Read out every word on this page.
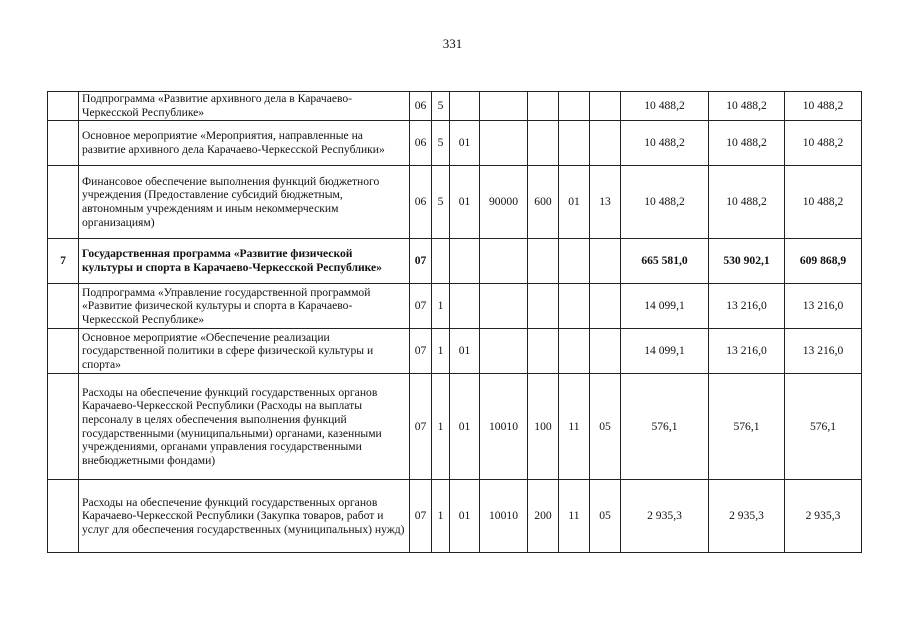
331
	Подпрограмма «Развитие архивного дела в Карачаево-Черкесской Республике»	06	5						10 488,2	10 488,2	10 488,2
	Основное мероприятие «Мероприятия, направленные на развитие архивного дела Карачаево-Черкесской Республики»	06	5	01					10 488,2	10 488,2	10 488,2
	Финансовое обеспечение выполнения функций бюджетного учреждения (Предоставление субсидий бюджетным, автономным учреждениям и иным некоммерческим организациям)	06	5	01	90000	600	01	13	10 488,2	10 488,2	10 488,2
7	Государственная программа «Развитие физической культуры и спорта в Карачаево-Черкесской Республике»	07							665 581,0	530 902,1	609 868,9
	Подпрограмма «Управление государственной программой «Развитие физической культуры и спорта в Карачаево-Черкесской Республике»	07	1						14 099,1	13 216,0	13 216,0
	Основное мероприятие «Обеспечение реализации государственной политики в сфере физической культуры и спорта»	07	1	01					14 099,1	13 216,0	13 216,0
	Расходы на обеспечение функций государственных органов Карачаево-Черкесской Республики (Расходы на выплаты персоналу в целях обеспечения выполнения функций государственными (муниципальными) органами, казенными учреждениями, органами управления государственными внебюджетными фондами)	07	1	01	10010	100	11	05	576,1	576,1	576,1
	Расходы на обеспечение функций государственных органов Карачаево-Черкесской Республики (Закупка товаров, работ и услуг для обеспечения государственных (муниципальных) нужд)	07	1	01	10010	200	11	05	2 935,3	2 935,3	2 935,3
